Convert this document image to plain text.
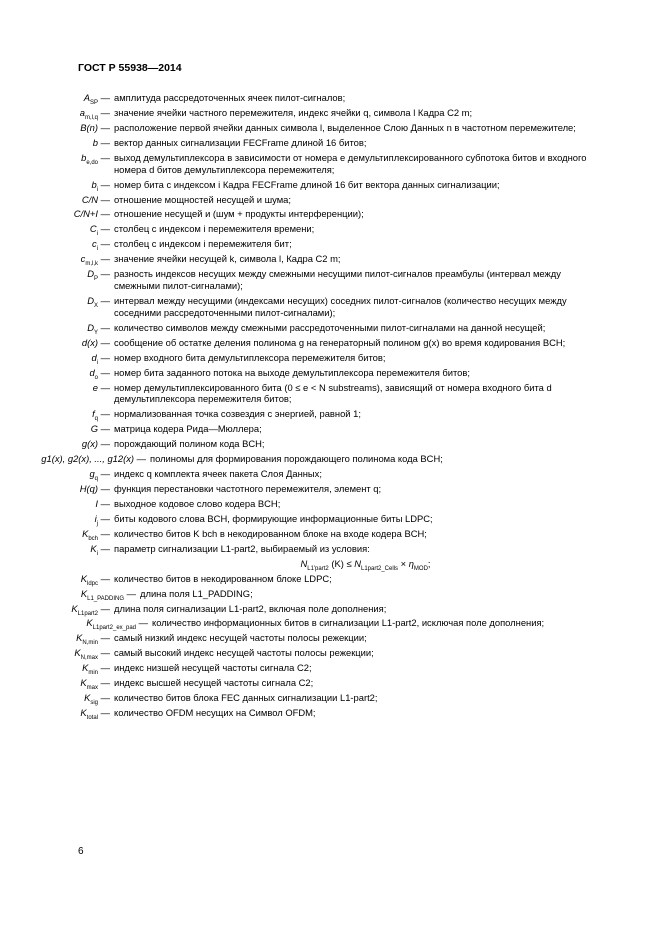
ГОСТ Р 55938—2014
$A_{SP}$ — амплитуда рассредоточенных ячеек пилот-сигналов;
$a_{m,l,q}$ — значение ячейки частного перемежителя, индекс ячейки q, символа l Кадра C2 m;
B(n) — расположение первой ячейки данных символа l, выделенное Слою Данных n в частотном перемежителе;
b — вектор данных сигнализации FECFrame длиной 16 битов;
$b_{e,do}$ — выход демультиплексора в зависимости от номера e демультиплексированного субпотока битов и входного номера d битов демультиплексора перемежителя;
$b_i$ — номер бита с индексом i Кадра FECFrame длиной 16 бит вектора данных сигнализации;
C/N — отношение мощностей несущей и шума;
C/N+I — отношение несущей и (шум + продукты интерференции);
$C_i$ — столбец с индексом i перемежителя времени;
$c_i$ — столбец с индексом i перемежителя бит;
$c_{m,l,k}$ — значение ячейки несущей k, символа l, Кадра C2 m;
$D_P$ — разность индексов несущих между смежными несущими пилот-сигналов преамбулы (интервал между смежными пилот-сигналами);
$D_X$ — интервал между несущими (индексами несущих) соседних пилот-сигналов (количество несущих между соседними рассредоточенными пилот-сигналами);
$D_Y$ — количество символов между смежными рассредоточенными пилот-сигналами на данной несущей;
d(x) — сообщение об остатке деления полинома g на генераторный полином g(x) во время кодирования BCH;
$d_i$ — номер входного бита демультиплексора перемежителя битов;
$d_o$ — номер бита заданного потока на выходе демультиплексора перемежителя битов;
e — номер демультиплексированного бита (0 ≤ e < N substreams), зависящий от номера входного бита d демультиплексора перемежителя битов;
$f_q$ — нормализованная точка созвездия с энергией, равной 1;
G — матрица кодера Рида—Мюллера;
g(x) — порождающий полином кода BCH;
g1(x), g2(x), ..., g12(x) — полиномы для формирования порождающего полинома кода BCH;
$g_q$ — индекс q комплекта ячеек пакета Слоя Данных;
H(q) — функция перестановки частотного перемежителя, элемент q;
I — выходное кодовое слово кодера BCH;
$i_j$ — биты кодового слова BCH, формирующие информационные биты LDPC;
$K_{bch}$ — количество битов K bch в некодированном блоке на входе кодера BCH;
$K_i$ — параметр сигнализации L1-part2, выбираемый из условия:
$N_{L1'part2}$ $(K) \le N_{L1part2\_Cells} \times \eta_{MOD}$;
$K_{ldpc}$ — количество битов в некодированном блоке LDPC;
$K_{L1\_PADDING}$ — длина поля L1_PADDING;
$K_{L1part2}$ — длина поля сигнализации L1-part2, включая поле дополнения;
$K_{L1part2\_ex\_pad}$ — количество информационных битов в сигнализации L1-part2, исключая поле дополнения;
$K_{N,min}$ — самый низкий индекс несущей частоты полосы режекции;
$K_{N,max}$ — самый высокий индекс несущей частоты полосы режекции;
$K_{min}$ — индекс низшей несущей частоты сигнала C2;
$K_{max}$ — индекс высшей несущей частоты сигнала C2;
$K_{sig}$ — количество битов блока FEC данных сигнализации L1-part2;
$K_{total}$ — количество OFDM несущих на Символ OFDM;
6
